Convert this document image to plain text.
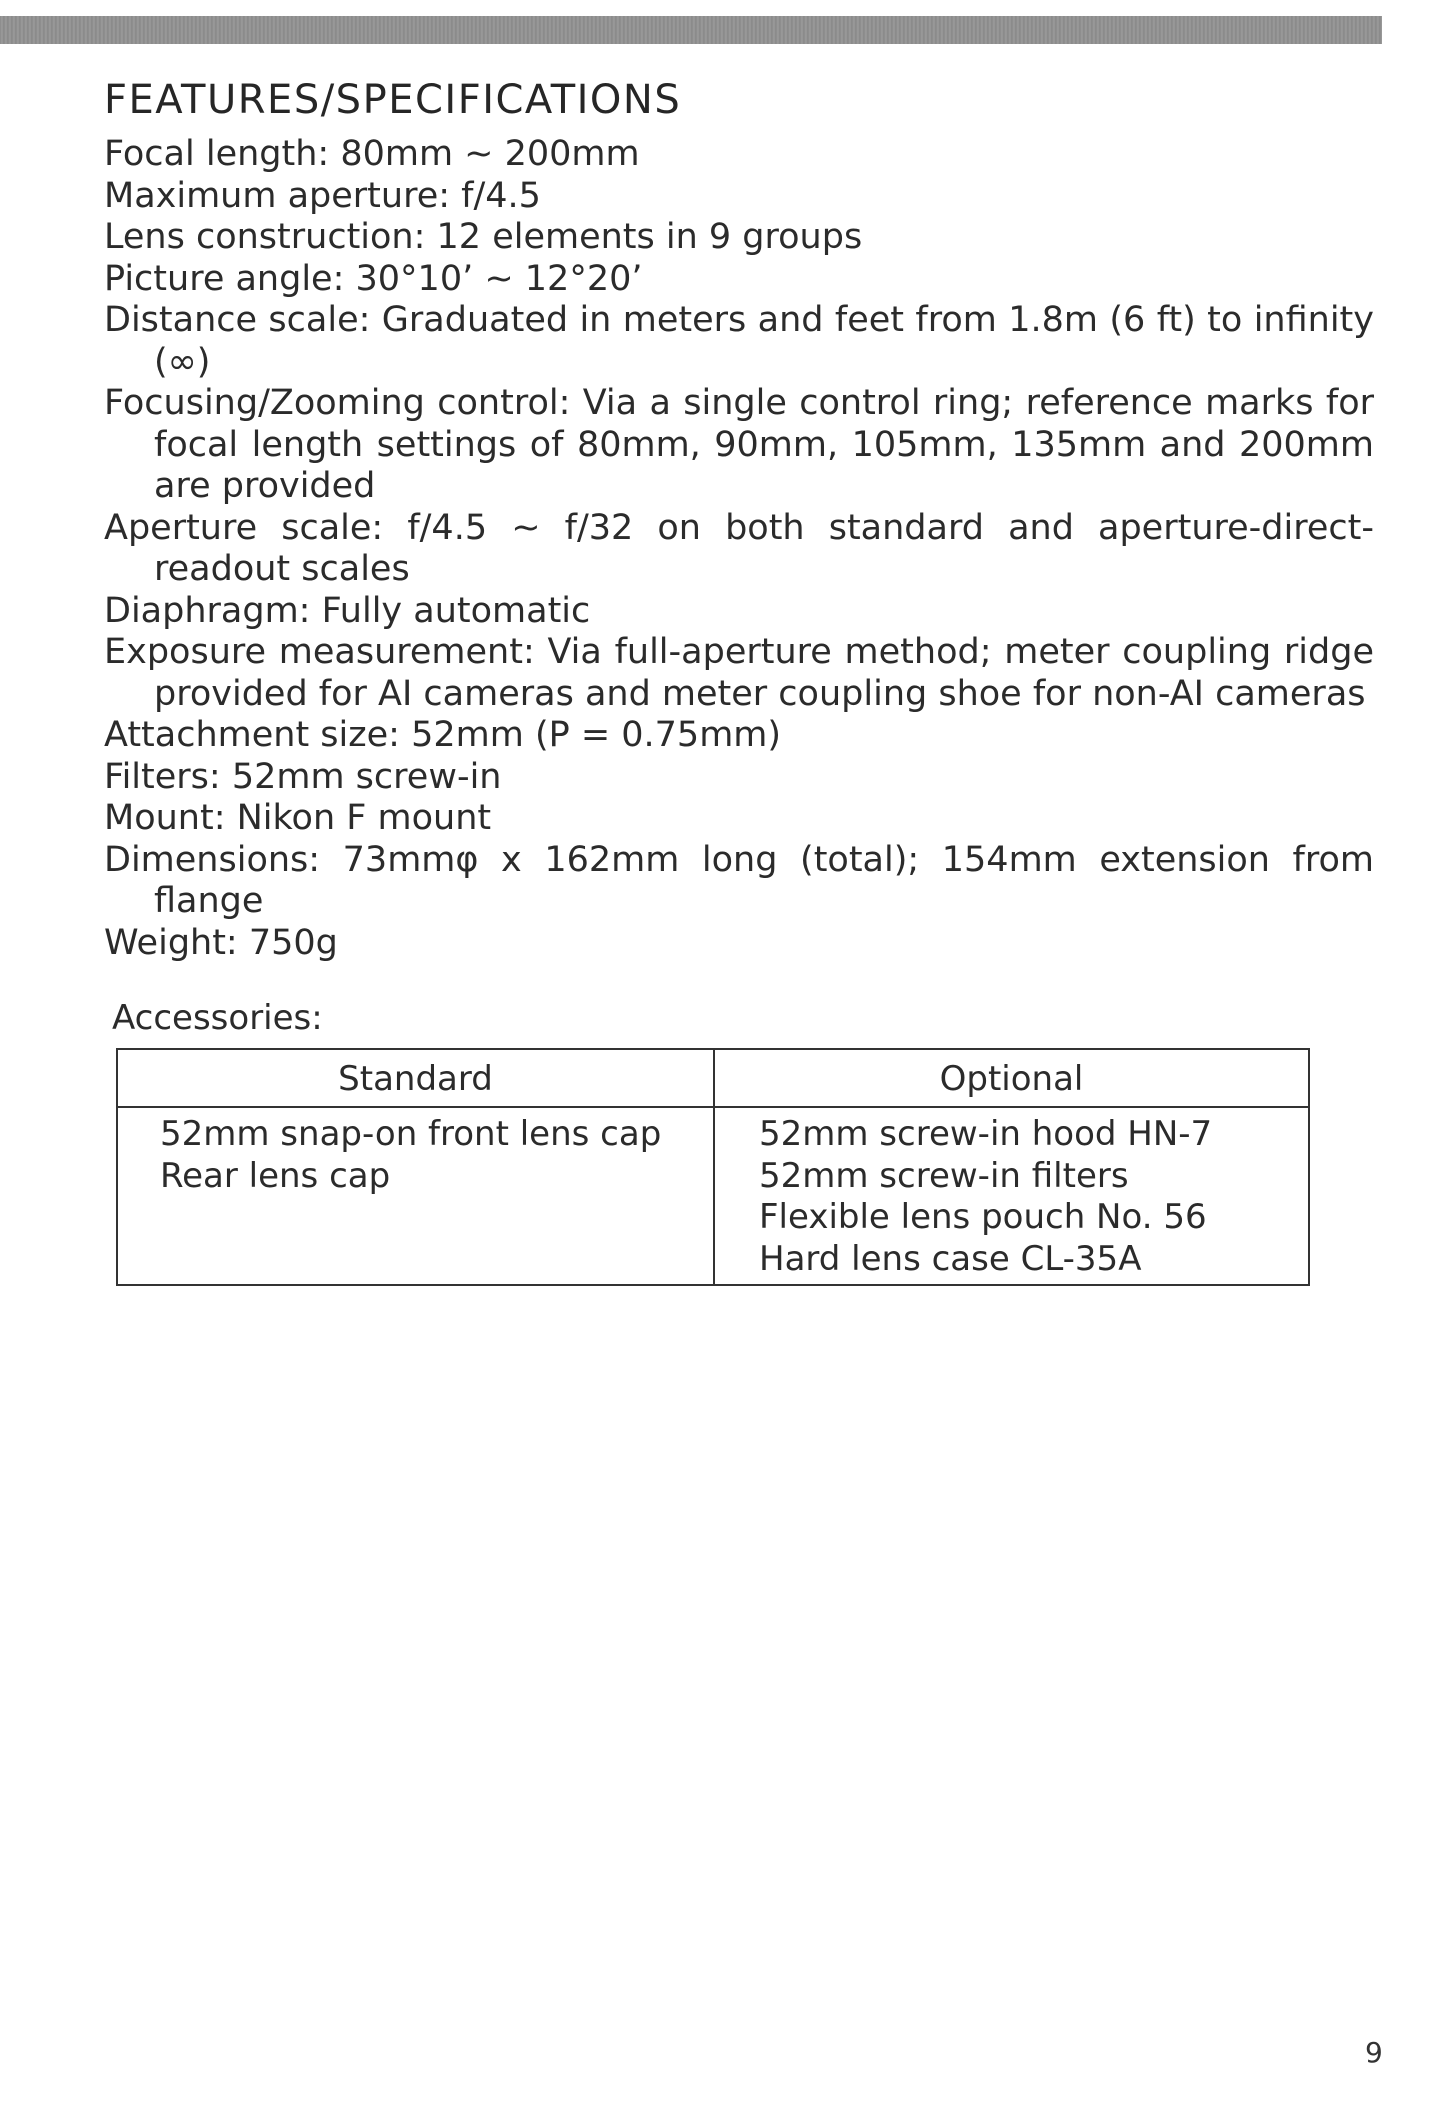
FEATURES/SPECIFICATIONS
Focal length: 80mm ~ 200mm
Maximum aperture: f/4.5
Lens construction: 12 elements in 9 groups
Picture angle: 30°10’ ~ 12°20’
Distance scale: Graduated in meters and feet from 1.8m (6 ft) to infinity (∞)
Focusing/Zooming control: Via a single control ring; reference marks for focal length settings of 80mm, 90mm, 105mm, 135mm and 200mm are provided
Aperture scale: f/4.5 ~ f/32 on both standard and aperture-direct-readout scales
Diaphragm: Fully automatic
Exposure measurement: Via full-aperture method; meter coupling ridge provided for AI cameras and meter coupling shoe for non-AI cameras
Attachment size: 52mm (P = 0.75mm)
Filters: 52mm screw-in
Mount: Nikon F mount
Dimensions: 73mmφ x 162mm long (total); 154mm extension from flange
Weight: 750g
Accessories:
Standard
52mm snap-on front lens cap
Rear lens cap
Optional
52mm screw-in hood HN-7
52mm screw-in filters
Flexible lens pouch No. 56
Hard lens case CL-35A
9
